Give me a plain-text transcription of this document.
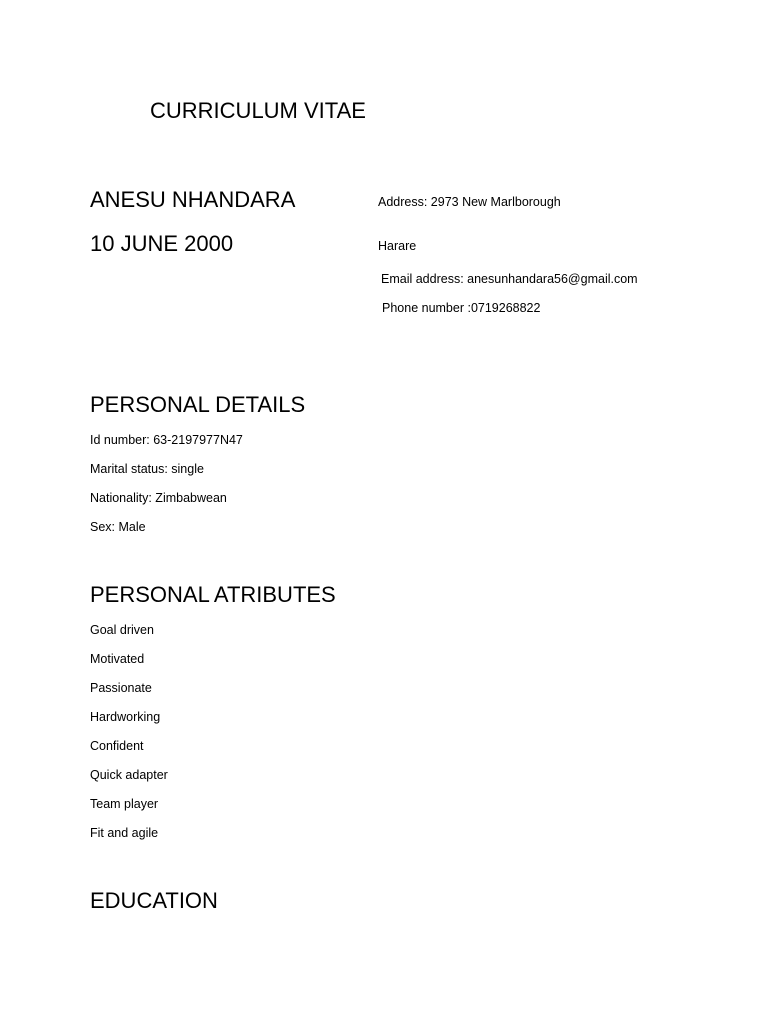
CURRICULUM VITAE
ANESU NHANDARA
10 JUNE 2000
Address: 2973 New Marlborough
Harare
Email address: anesunhandara56@gmail.com
Phone number :0719268822
PERSONAL DETAILS
Id number: 63-2197977N47
Marital status: single
Nationality: Zimbabwean
Sex: Male
PERSONAL ATRIBUTES
Goal driven
Motivated
Passionate
Hardworking
Confident
Quick adapter
Team player
Fit and agile
EDUCATION
